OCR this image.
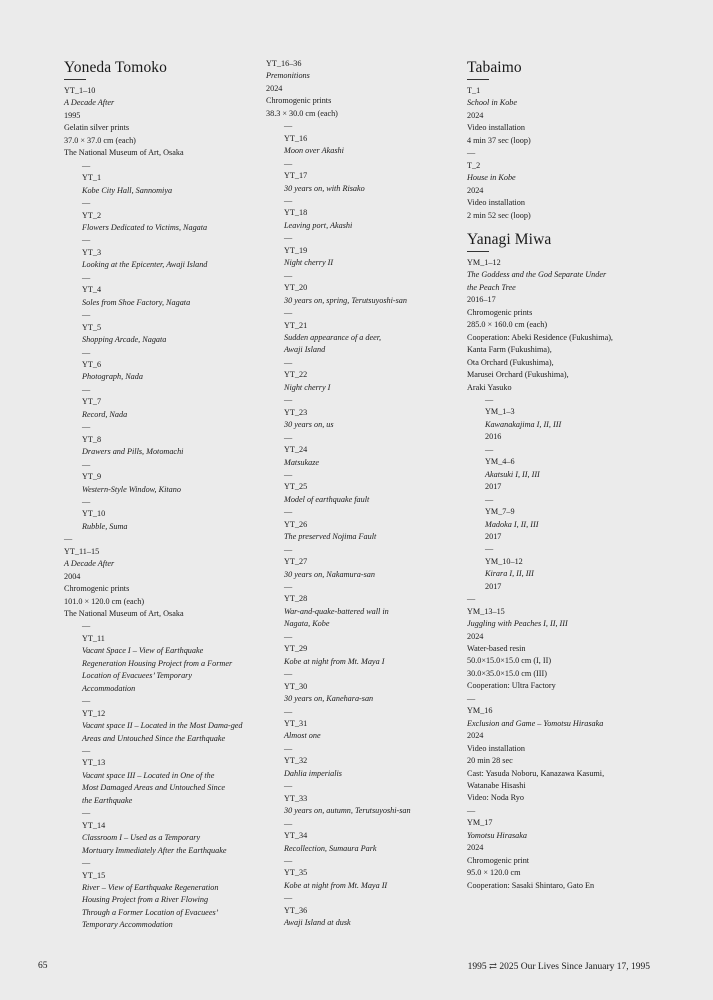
Yoneda Tomoko
YT_1–10
A Decade After
1995
Gelatin silver prints
37.0 × 37.0 cm (each)
The National Museum of Art, Osaka
—
YT_1
Kobe City Hall, Sannomiya
—
YT_2
Flowers Dedicated to Victims, Nagata
—
YT_3
Looking at the Epicenter, Awaji Island
—
YT_4
Soles from Shoe Factory, Nagata
—
YT_5
Shopping Arcade, Nagata
—
YT_6
Photograph, Nada
—
YT_7
Record, Nada
—
YT_8
Drawers and Pills, Motomachi
—
YT_9
Western-Style Window, Kitano
—
YT_10
Rubble, Suma
—
YT_11–15
A Decade After
2004
Chromogenic prints
101.0 × 120.0 cm (each)
The National Museum of Art, Osaka
—
YT_11
Vacant Space I – View of Earthquake
Regeneration Housing Project from a Former
Location of Evacuees’ Temporary
Accommodation
—
YT_12
Vacant space II – Located in the Most Dama-ged
Areas and Untouched Since the Earthquake
—
YT_13
Vacant space III – Located in One of the
Most Damaged Areas and Untouched Since
the Earthquake
—
YT_14
Classroom I – Used as a Temporary
Mortuary Immediately After the Earthquake
—
YT_15
River – View of Earthquake Regeneration
Housing Project from a River Flowing
Through a Former Location of Evacuees’
Temporary Accommodation
YT_16–36
Premonitions
2024
Chromogenic prints
38.3 × 30.0 cm (each)
—
YT_16
Moon over Akashi
—
YT_17
30 years on, with Risako
—
YT_18
Leaving port, Akashi
—
YT_19
Night cherry II
—
YT_20
30 years on, spring, Terutsuyoshi-san
—
YT_21
Sudden appearance of a deer,
Awaji Island
—
YT_22
Night cherry I
—
YT_23
30 years on, us
—
YT_24
Matsukaze
—
YT_25
Model of earthquake fault
—
YT_26
The preserved Nojima Fault
—
YT_27
30 years on, Nakamura-san
—
YT_28
War-and-quake-battered wall in
Nagata, Kobe
—
YT_29
Kobe at night from Mt. Maya I
—
YT_30
30 years on, Kanehara-san
—
YT_31
Almost one
—
YT_32
Dahlia imperialis
—
YT_33
30 years on, autumn, Terutsuyoshi-san
—
YT_34
Recollection, Sumaura Park
—
YT_35
Kobe at night from Mt. Maya II
—
YT_36
Awaji Island at dusk
Tabaimo
T_1
School in Kobe
2024
Video installation
4 min 37 sec (loop)
—
T_2
House in Kobe
2024
Video installation
2 min 52 sec (loop)
Yanagi Miwa
YM_1–12
The Goddess and the God Separate Under
the Peach Tree
2016–17
Chromogenic prints
285.0 × 160.0 cm (each)
Cooperation: Abeki Residence (Fukushima),
Kanta Farm (Fukushima),
Ota Orchard (Fukushima),
Marusei Orchard (Fukushima),
Araki Yasuko
—
YM_1–3
Kawanakajima I, II, III
2016
—
YM_4–6
Akatsuki I, II, III
2017
—
YM_7–9
Madoka I, II, III
2017
—
YM_10–12
Kirara I, II, III
2017
—
YM_13–15
Juggling with Peaches I, II, III
2024
Water-based resin
50.0×15.0×15.0 cm (I, II)
30.0×35.0×15.0 cm (III)
Cooperation: Ultra Factory
—
YM_16
Exclusion and Game – Yomotsu Hirasaka
2024
Video installation
20 min 28 sec
Cast: Yasuda Noboru, Kanazawa Kasumi,
Watanabe Hisashi
Video: Noda Ryo
—
YM_17
Yomotsu Hirasaka
2024
Chromogenic print
95.0 × 120.0 cm
Cooperation: Sasaki Shintaro, Gato En
65	1995 ⇄ 2025 Our Lives Since January 17, 1995
